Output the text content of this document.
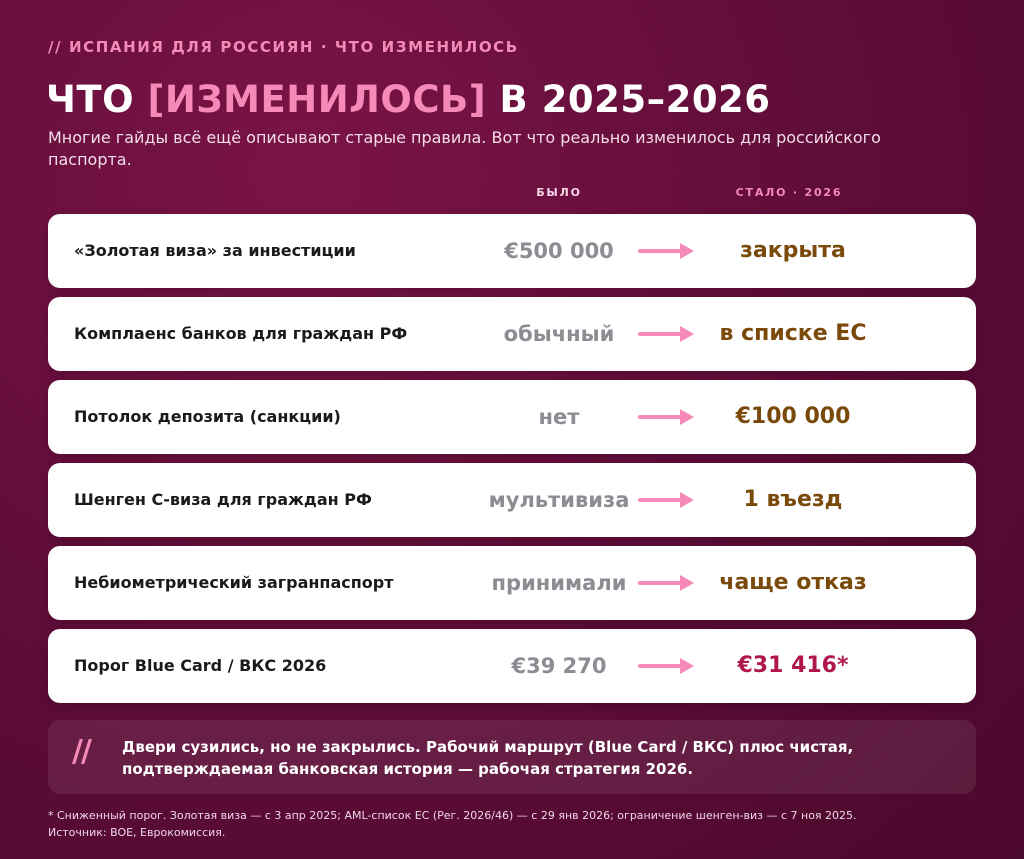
// ИСПАНИЯ ДЛЯ РОССИЯН · ЧТО ИЗМЕНИЛОСЬ
ЧТО [ИЗМЕНИЛОСЬ] В 2025–2026
Многие гайды всё ещё описывают старые правила. Вот что реально изменилось для российского паспорта.
БЫЛО	СТАЛО · 2026
«Золотая виза» за инвестиции	€500 000	закрыта
Комплаенс банков для граждан РФ	обычный	в списке ЕС
Потолок депозита (санкции)	нет	€100 000
Шенген С-виза для граждан РФ	мультивиза	1 въезд
Небиометрический загранпаспорт	принимали	чаще отказ
Порог Blue Card / ВКС 2026	€39 270	€31 416*
// Двери сузились, но не закрылись. Рабочий маршрут (Blue Card / ВКС) плюс чистая, подтверждаемая банковская история — рабочая стратегия 2026.
* Сниженный порог. Золотая виза — с 3 апр 2025; AML-список ЕС (Рег. 2026/46) — с 29 янв 2026; ограничение шенген-виз — с 7 ноя 2025.
Источник: BOE, Еврокомиссия.
